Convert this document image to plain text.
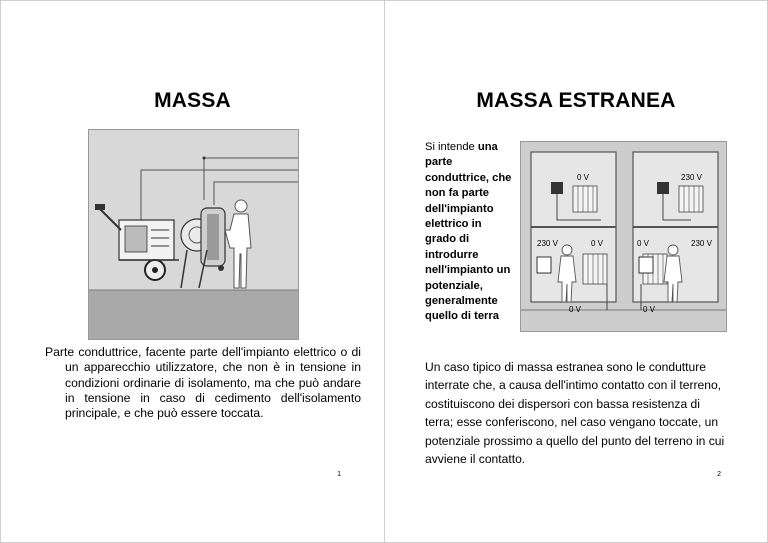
MASSA
Parte conduttrice, facente parte dell'impianto elettrico o di un apparecchio utilizzatore, che non è in tensione in condizioni ordinarie di isolamento, ma che può andare in tensione in caso di cedimento dell'isolamento principale, e che può essere toccata.
1
MASSA ESTRANEA
Si intende una parte conduttrice, che non fa parte dell'impianto elettrico in grado di introdurre nell'impianto un potenziale, generalmente quello di terra
0 V	230 V
230 V	0 V	0 V	230 V
0 V	0 V
Un caso tipico di massa estranea sono le condutture interrate che, a causa dell'intimo contatto con il terreno, costituiscono dei dispersori con bassa resistenza di terra; esse conferiscono, nel caso vengano toccate, un potenziale prossimo a quello del punto del terreno in cui avviene il contatto.
2
